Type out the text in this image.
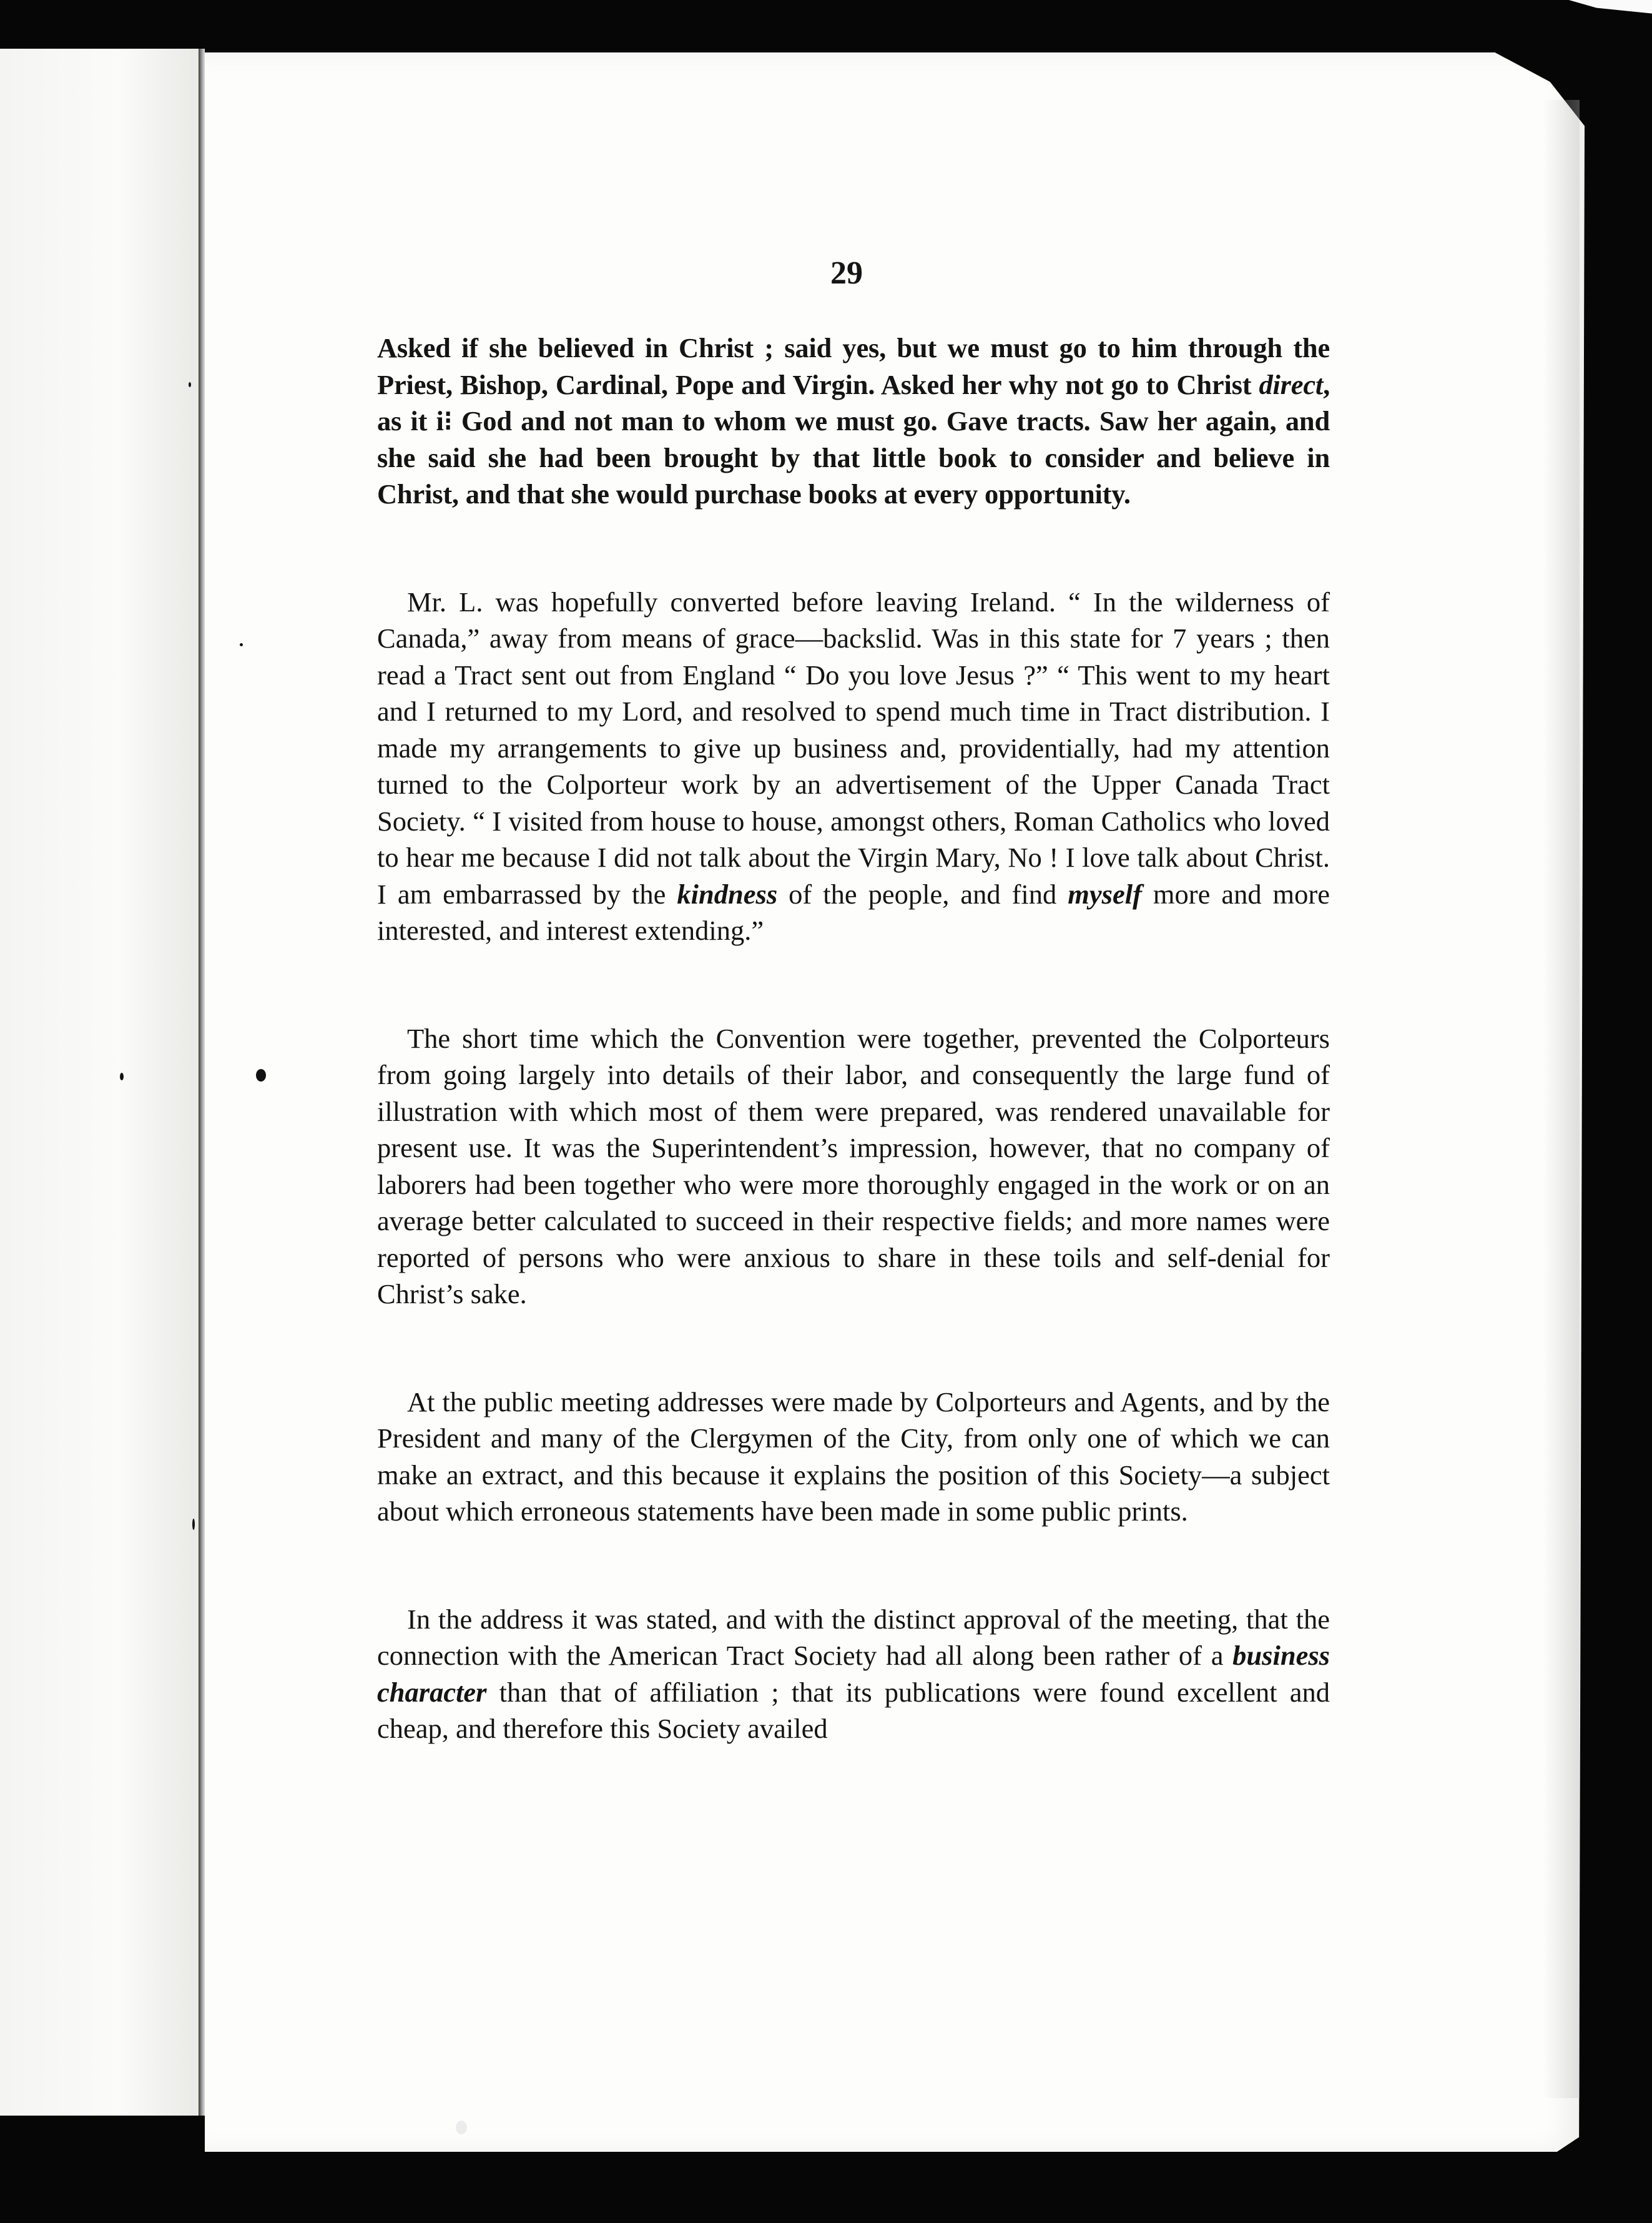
29

Asked if she believed in Christ ; said yes, but we must go to him through the Priest, Bishop, Cardinal, Pope and Virgin. Asked her why not go to Christ direct, as it i⁝ God and not man to whom we must go. Gave tracts. Saw her again, and she said she had been brought by that little book to consider and believe in Christ, and that she would purchase books at every opportunity.

Mr. L. was hopefully converted before leaving Ireland. “ In the wilderness of Canada,” away from means of grace—backslid. Was in this state for 7 years ; then read a Tract sent out from England “ Do you love Jesus ?” “ This went to my heart and I returned to my Lord, and resolved to spend much time in Tract distribution. I made my arrangements to give up business and, providentially, had my attention turned to the Colporteur work by an advertisement of the Upper Canada Tract Society. “ I visited from house to house, amongst others, Roman Catholics who loved to hear me because I did not talk about the Virgin Mary, No ! I love talk about Christ. I am embarrassed by the kindness of the people, and find myself more and more interested, and interest extending.”

The short time which the Convention were together, prevented the Colporteurs from going largely into details of their labor, and consequently the large fund of illustration with which most of them were prepared, was rendered unavailable for present use. It was the Superintendent’s impression, however, that no company of laborers had been together who were more thoroughly engaged in the work or on an average better calculated to succeed in their respective fields; and more names were reported of persons who were anxious to share in these toils and self-denial for Christ’s sake.

At the public meeting addresses were made by Colporteurs and Agents, and by the President and many of the Clergymen of the City, from only one of which we can make an extract, and this because it explains the position of this Society—a subject about which erroneous statements have been made in some public prints.

In the address it was stated, and with the distinct approval of the meeting, that the connection with the American Tract Society had all along been rather of a business character than that of affiliation ; that its publications were found excellent and cheap, and therefore this Society availed
